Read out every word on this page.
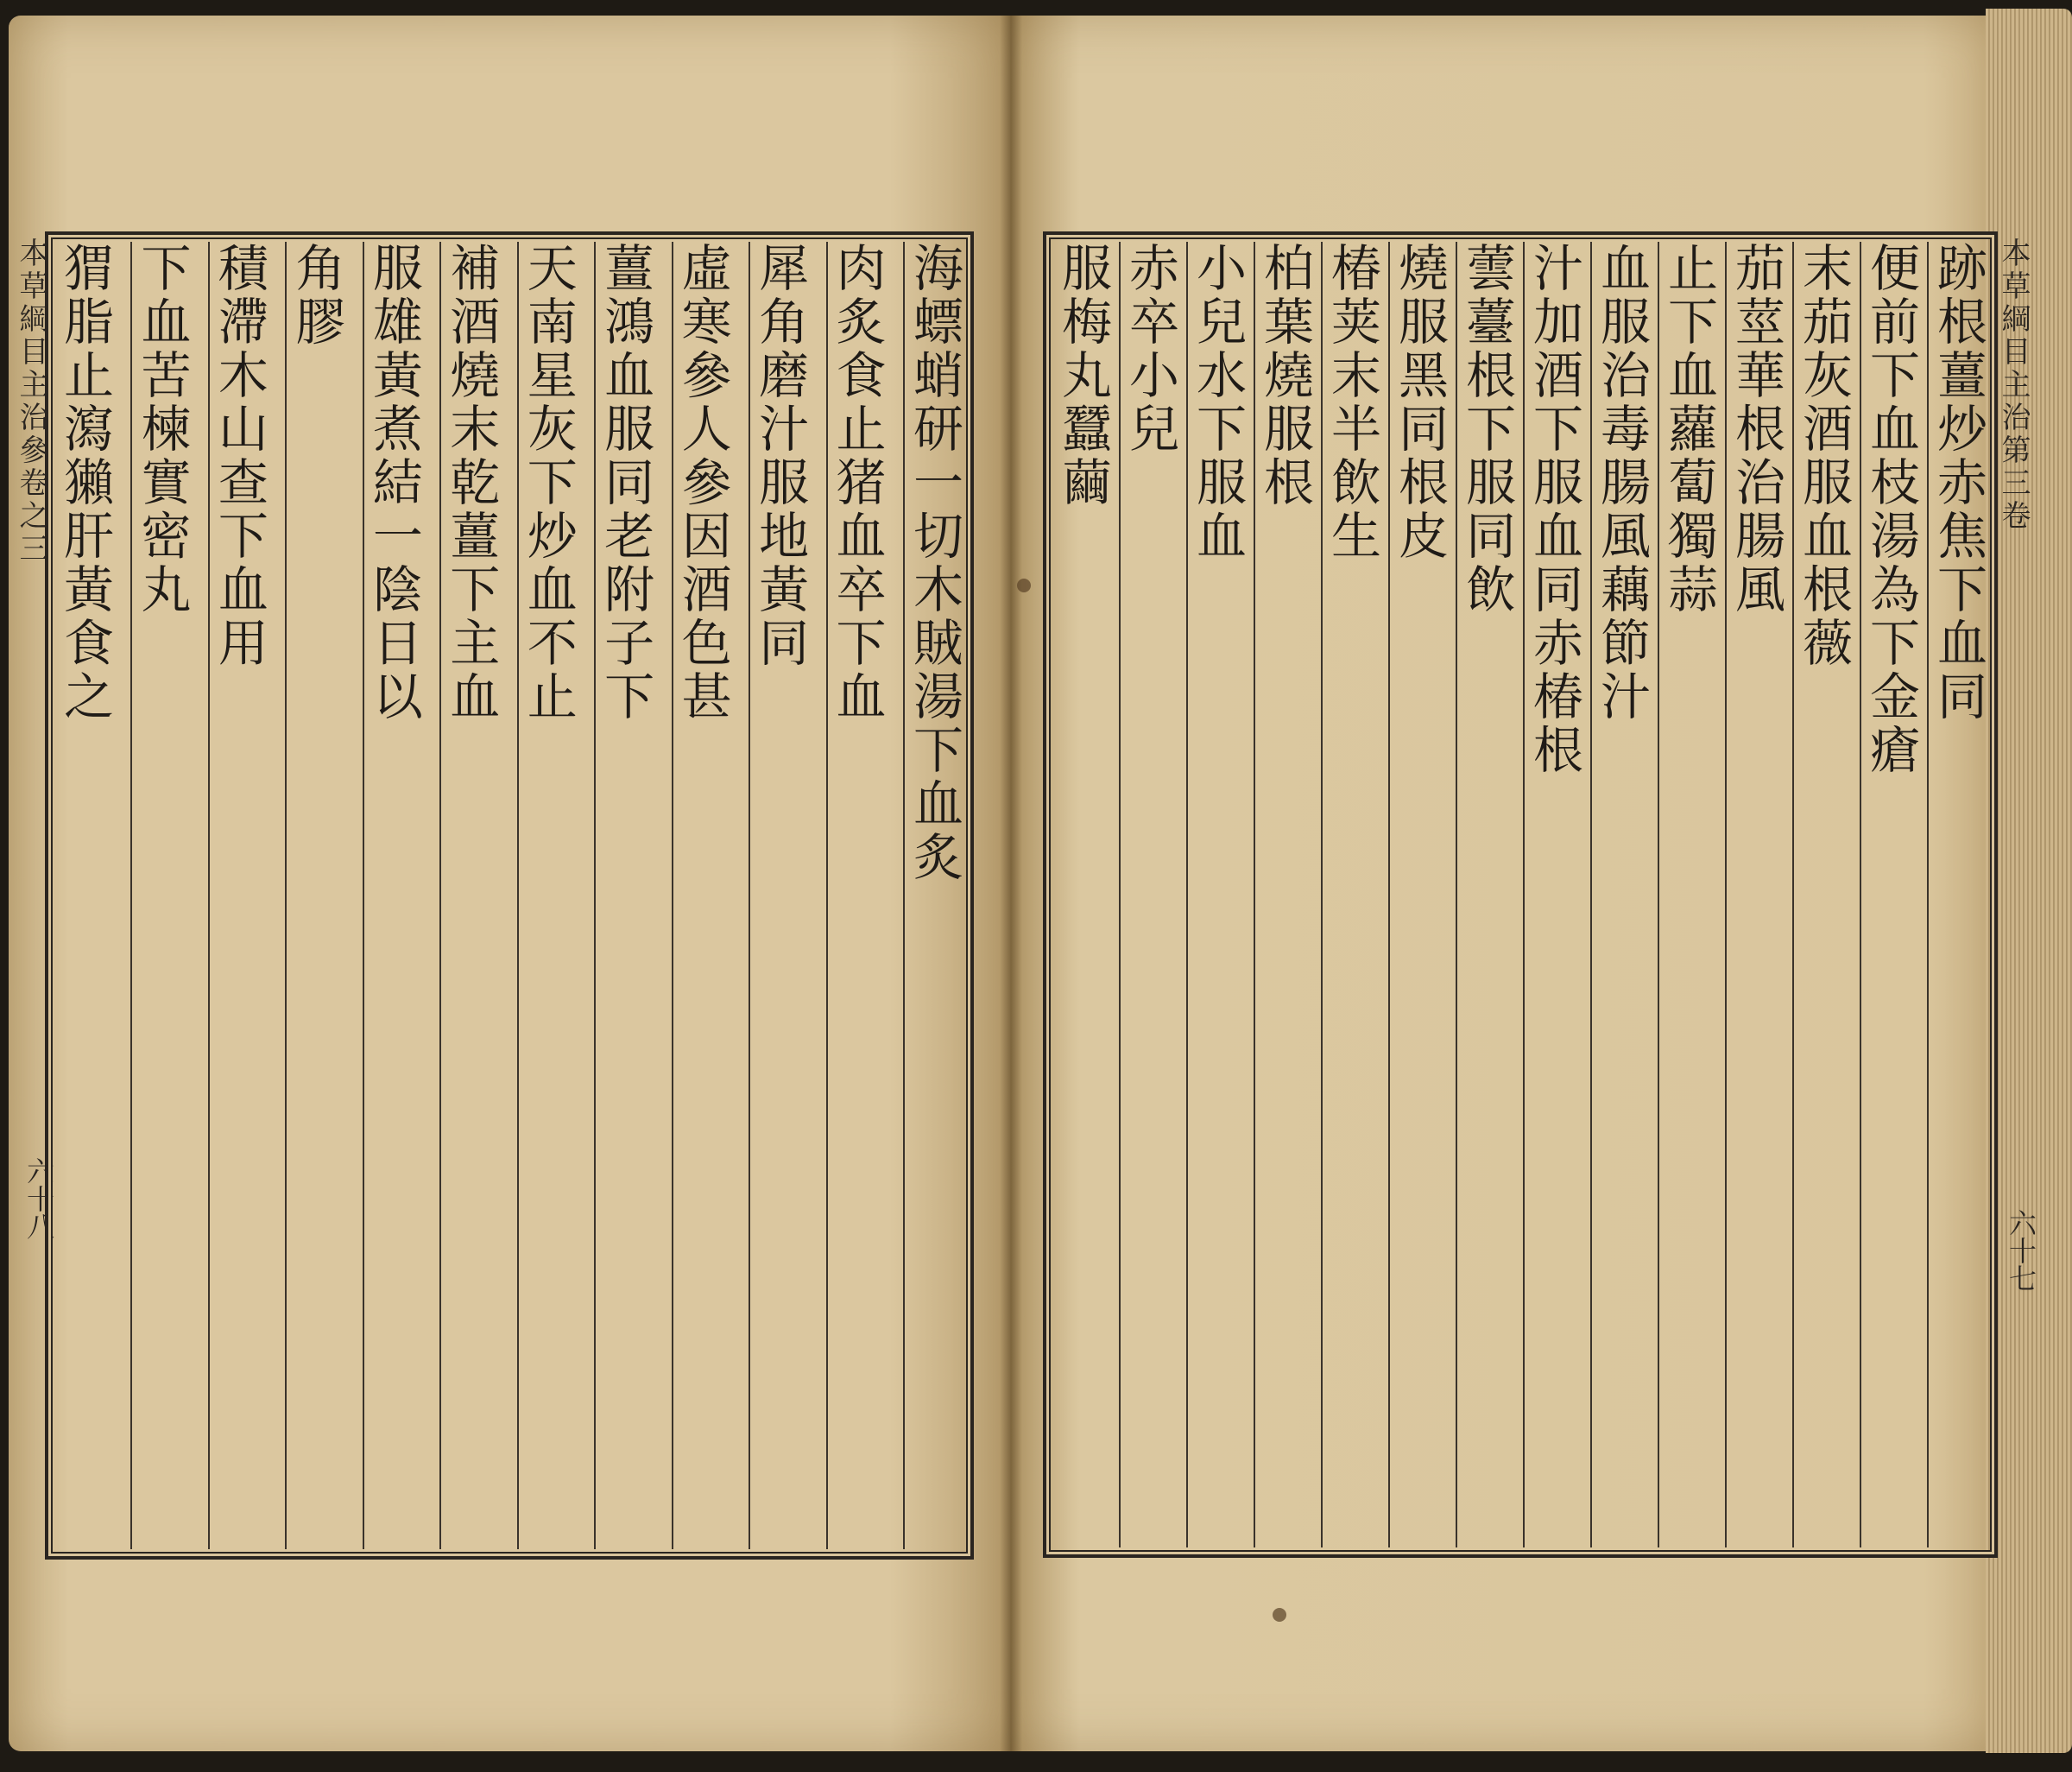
本草綱目主治參卷之三	本草綱目主治第三卷
六十八
六十七
海螵蛸研一切木賊湯下血炙
肉炙食止猪血卒下血
犀角磨汁服地黃同
虛寒參人參因酒色甚
薑鴻血服同老附子下
天南星灰下炒血不止
補酒燒末乾薑下主血
服雄黃煮結一陰日以
角膠
積滯木山查下血用
下血苦楝實密丸
猬脂止瀉獺肝黃食之	跡根薑炒赤焦下血同
便前下血枝湯為下金瘡
末茄灰酒服血根薇
茄莖華根治腸風
止下血蘿蔔獨蒜
血服治毒腸風藕節汁
汁加酒下服血同赤椿根
蕓薹根下服同飲
燒服黑同根皮
椿荚末半飲生
柏葉燒服根
小兒水下服血
赤卒小兒
服梅丸蠶繭
